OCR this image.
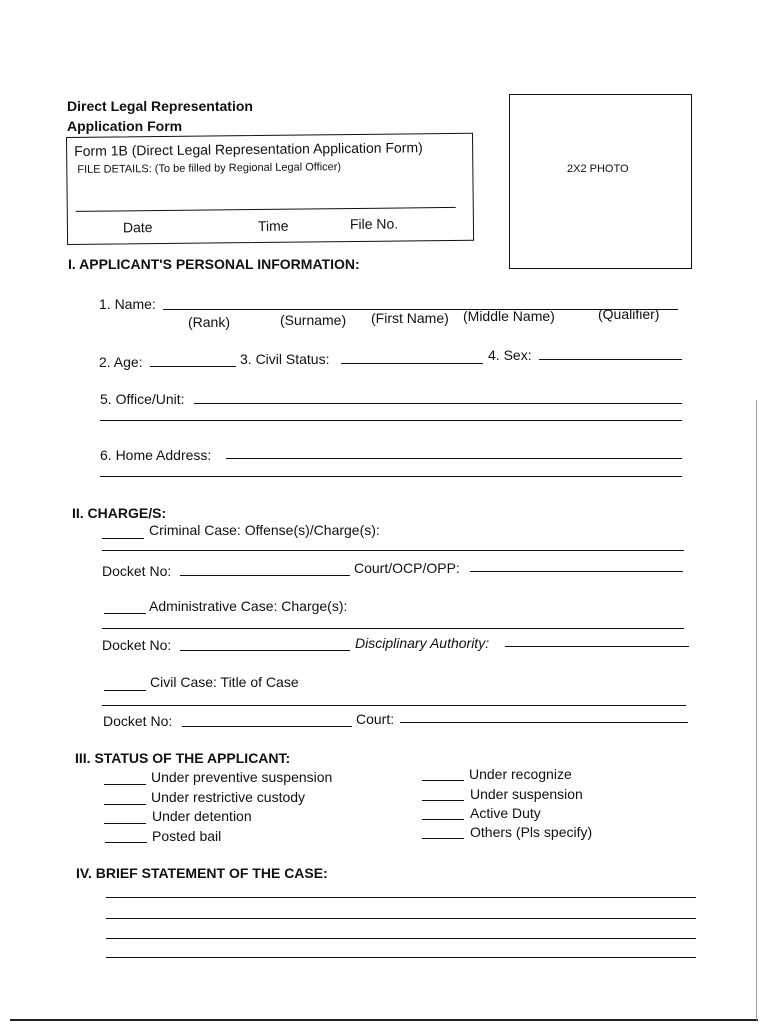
Direct Legal Representation
Application Form
Form 1B (Direct Legal Representation Application Form)
FILE DETAILS: (To be filled by Regional Legal Officer)
Date	Time	File No.
2X2 PHOTO
I. APPLICANT'S PERSONAL INFORMATION:
1. Name:
(Rank)	(Surname) (First Name) (Middle Name)	(Qualifier)
2. Age:	3. Civil Status:	4. Sex:
5. Office/Unit:
6. Home Address:
II. CHARGE/S:
Criminal Case: Offense(s)/Charge(s):
Docket No:	Court/OCP/OPP:
Administrative Case: Charge(s):
Docket No:	Disciplinary Authority:
Civil Case: Title of Case
Docket No:	Court:
III. STATUS OF THE APPLICANT:
Under preventive suspension
Under restrictive custody
Under detention
Posted bail
Under recognize
Under suspension
Active Duty
Others (Pls specify)
IV. BRIEF STATEMENT OF THE CASE:
